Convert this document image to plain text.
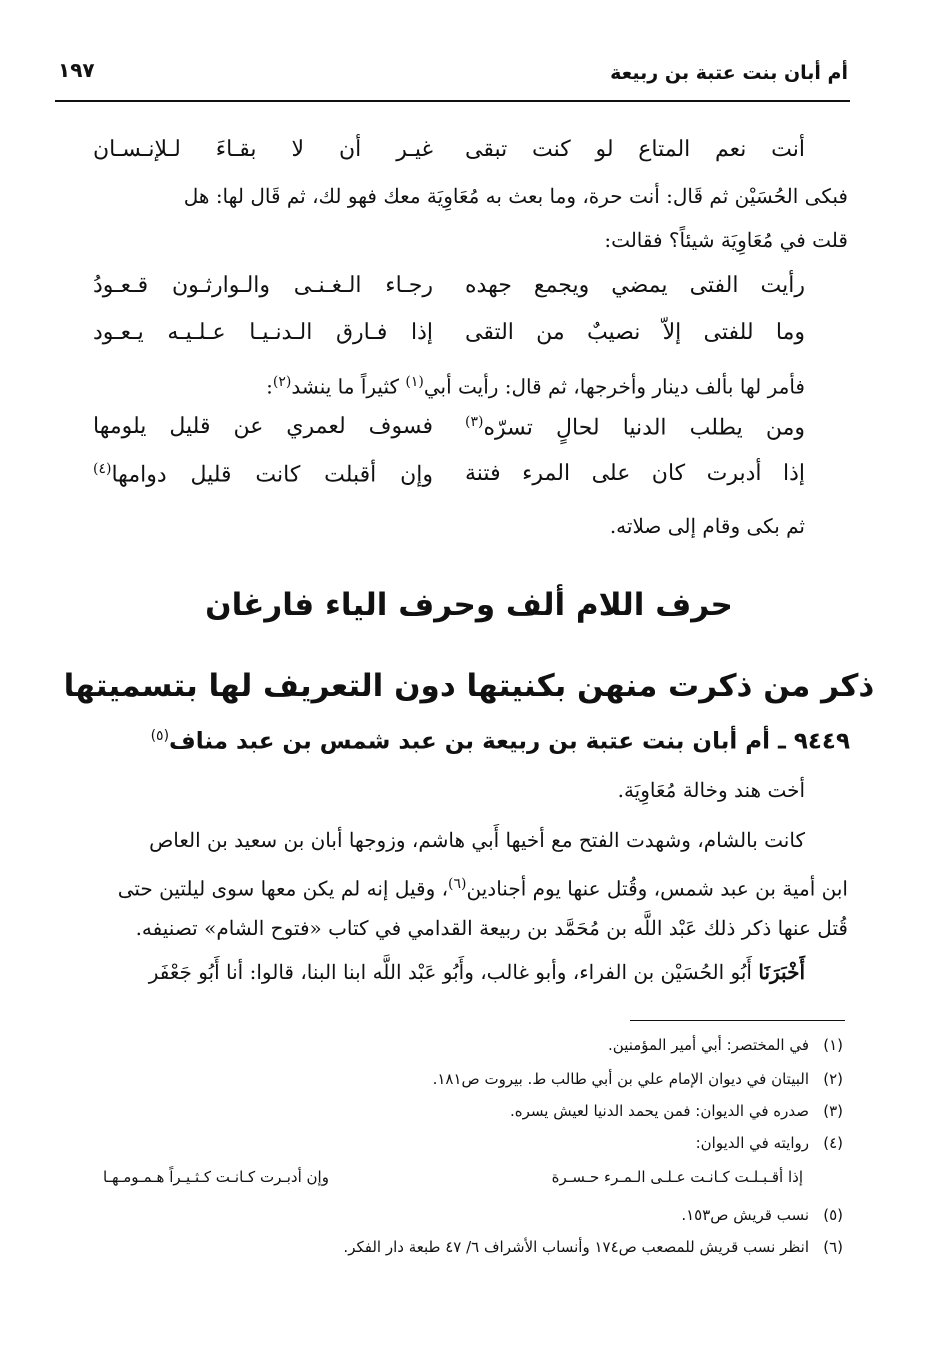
أم أبان بنت عتبة بن ربيعة
١٩٧
أنت نعم المتاع لو كنت تبقى
غيـر أن لا بقـاءَ لـلإنـسـان
فبكى الحُسَيْن ثم قَال: أنت حرة، وما بعث به مُعَاوِيَة معك فهو لك، ثم قَال لها: هل
قلت في مُعَاوِيَة شيئاً؟ فقالت:
رأيت الفتى يمضي ويجمع جهده
رجـاء الـغـنـى والـوارثـون قـعـودُ
وما للفتى إلاّ نصيبٌ من التقى
إذا فـارق الـدنـيـا عـلـيـه يـعـود
فأمر لها بألف دينار وأخرجها، ثم قال: رأيت أبي$^{(١)}$ كثيراً ما ينشد$^{(٢)}$:
ومن يطلب الدنيا لحالٍ تسرّه$^{(٣)}$
فسوف لعمري عن قليل يلومها
إذا أدبرت كان على المرء فتنة
وإن أقبلت كانت قليل دوامها$^{(٤)}$
ثم بكى وقام إلى صلاته.
حرف اللام ألف وحرف الياء فارغان
ذكر من ذكرت منهن بكنيتها دون التعريف لها بتسميتها
٩٤٤٩ ـ أم أبان بنت عتبة بن ربيعة بن عبد شمس بن عبد مناف$^{(٥)}$
أخت هند وخالة مُعَاوِيَة.
كانت بالشام، وشهدت الفتح مع أخيها أَبي هاشم، وزوجها أبان بن سعيد بن العاص
ابن أمية بن عبد شمس، وقُتل عنها يوم أجنادين$^{(٦)}$، وقيل إنه لم يكن معها سوى ليلتين حتى
قُتل عنها ذكر ذلك عَبْد اللَّه بن مُحَمَّد بن ربيعة القدامي في كتاب «فتوح الشام» تصنيفه.
أَخْبَرَنَا أَبُو الحُسَيْن بن الفراء، وأبو غالب، وأَبُو عَبْد اللَّه ابنا البنا، قالوا: أنا أَبُو جَعْفَر
(١)في المختصر: أبي أمير المؤمنين.
(٢)البيتان في ديوان الإمام علي بن أبي طالب ط. بيروت ص١٨١.
(٣)صدره في الديوان: فمن يحمد الدنيا لعيش يسره.
(٤)روايته في الديوان:
إذا أقـبـلـت كـانـت عـلـى الـمـرء حـسـرة
وإن أدبـرت كـانـت كـثـيـراً هـمـومـهـا
(٥)نسب قريش ص١٥٣.
(٦)انظر نسب قريش للمصعب ص١٧٤ وأنساب الأشراف ٦/ ٤٧ طبعة دار الفكر.
